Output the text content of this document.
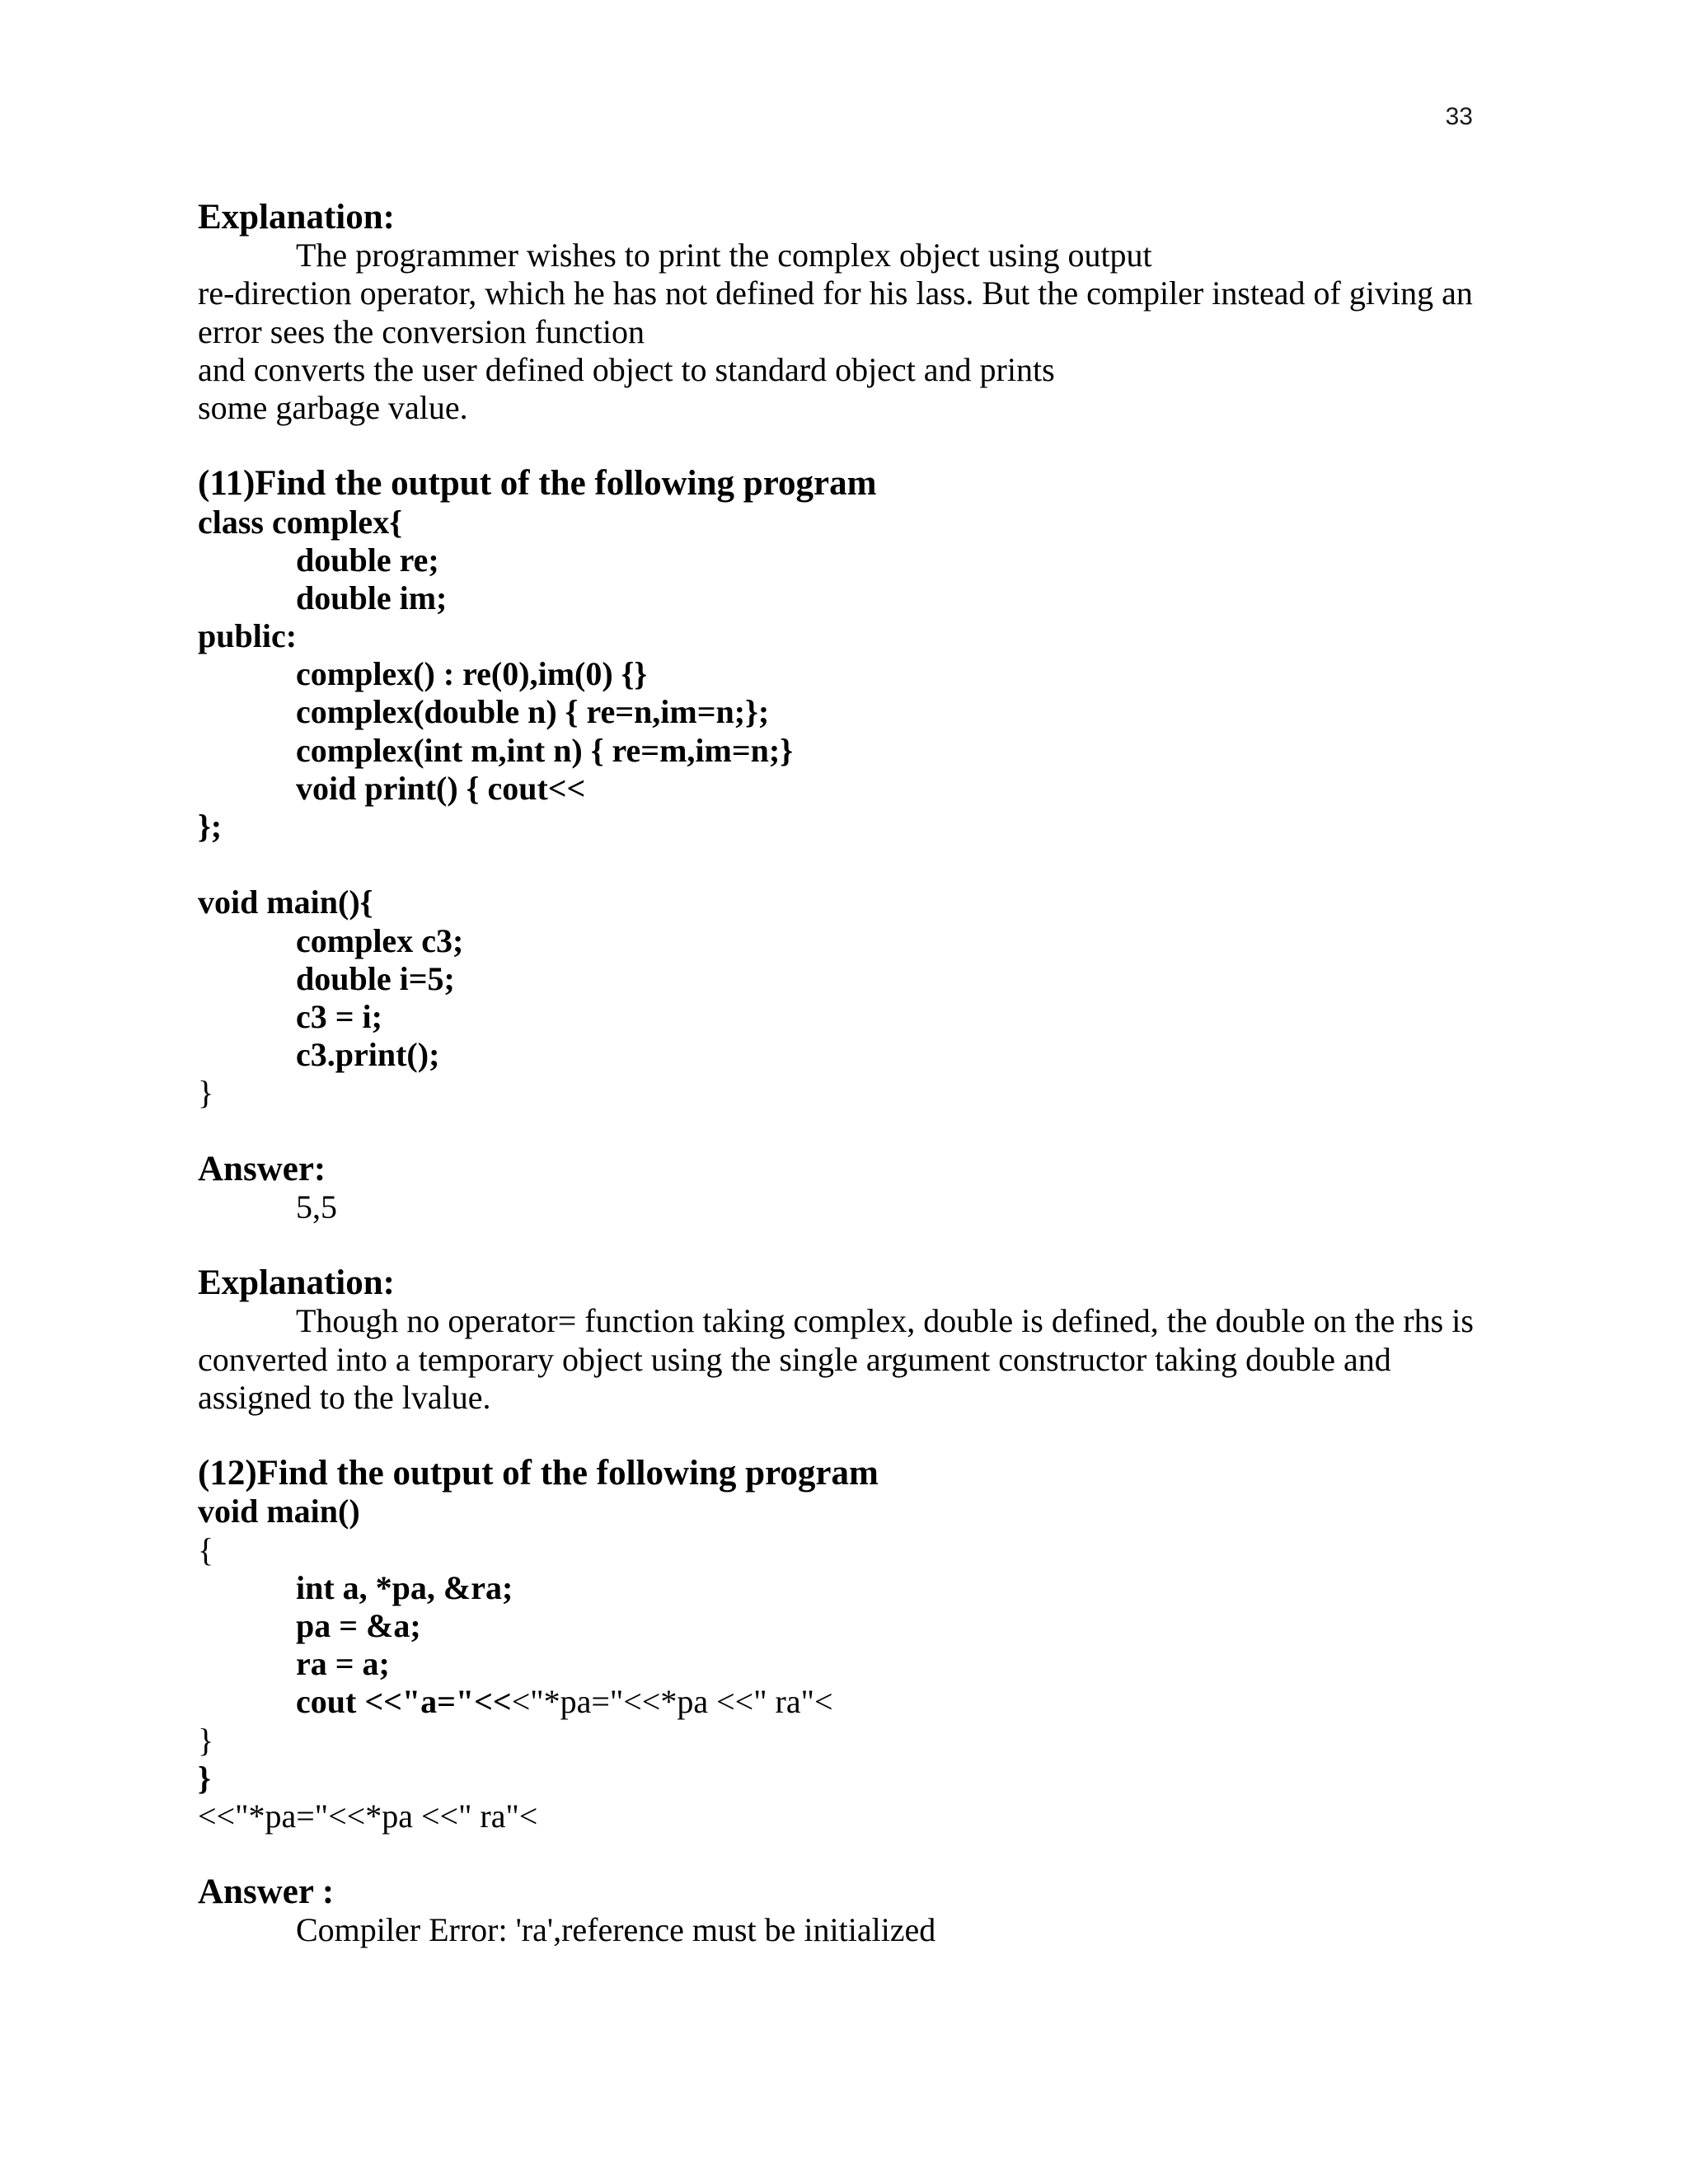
33
Explanation:
The programmer wishes to print the complex object using output
re-direction operator, which he has not defined for his lass. But the compiler instead of giving an
error sees the conversion function
and converts the user defined object to standard object and prints
some garbage value.
(11)Find the output of the following program
class complex{
double re;
double im;
public:
complex() : re(0),im(0) {}
complex(double n) { re=n,im=n;};
complex(int m,int n) { re=m,im=n;}
void print() { cout<<
};
void main(){
complex c3;
double i=5;
c3 = i;
c3.print();
}
Answer:
5,5
Explanation:
Though no operator= function taking complex, double is defined, the double on the rhs is
converted into a temporary object using the single argument constructor taking double and
assigned to the lvalue.
(12)Find the output of the following program
void main()
{
int a, *pa, &ra;
pa = &a;
ra = a;
cout <<"a="<<<"*pa="<<*pa <<" ra"<
}
}
<<"*pa="<<*pa <<" ra"<
Answer :
Compiler Error: 'ra',reference must be initialized
